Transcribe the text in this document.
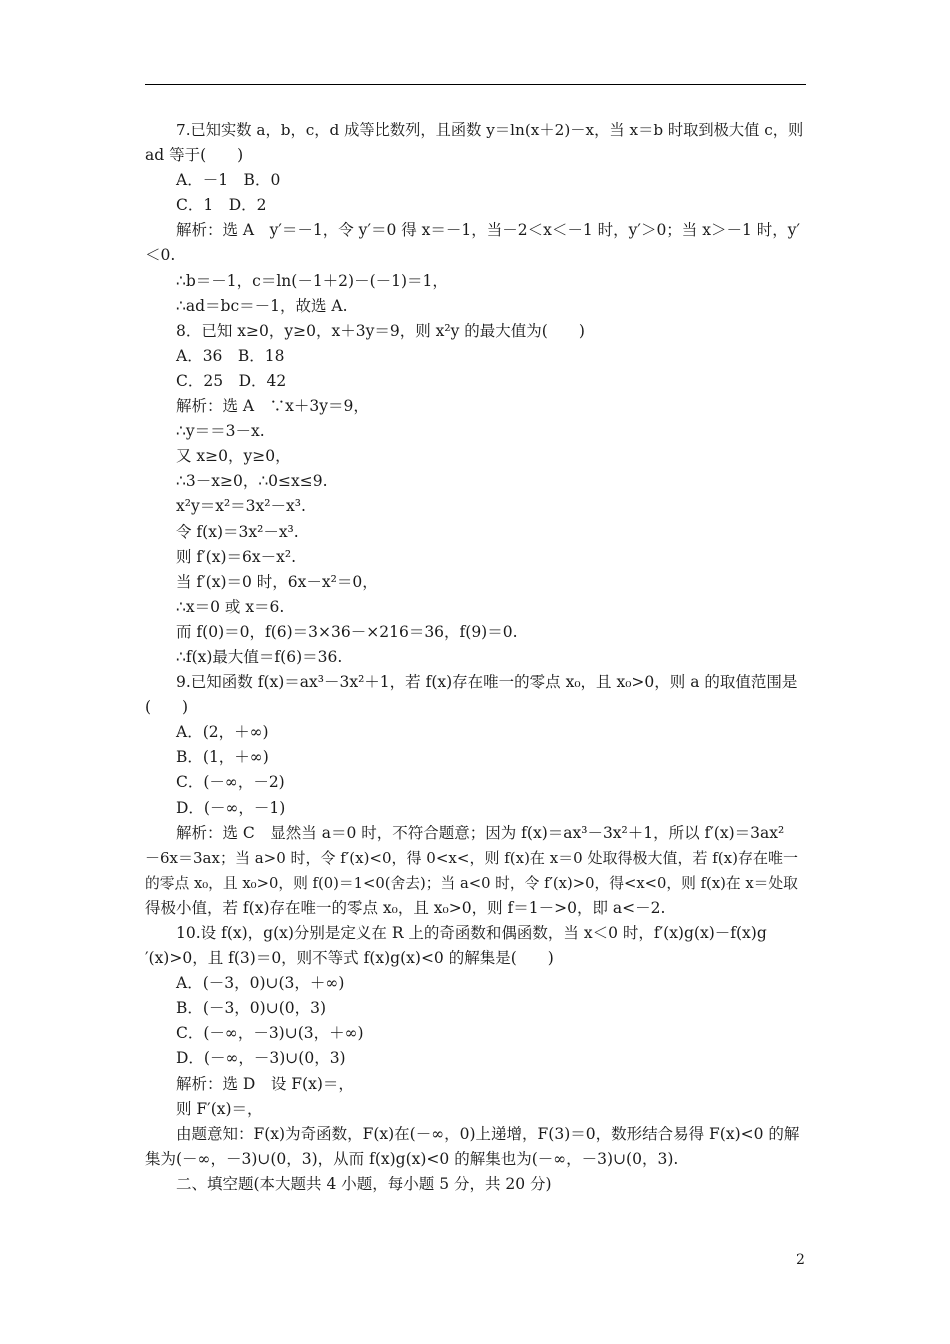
7.已知实数 a，b，c，d 成等比数列，且函数 y＝ln(x＋2)－x，当 x＝b 时取到极大值 c，则
ad 等于(　　)
A．－1　B．0
C．1　D．2
解析：选 A　y′＝－1，令 y′＝0 得 x＝－1，当－2＜x＜－1 时，y′＞0；当 x＞－1 时，y′
＜0.
∴b＝－1，c＝ln(－1＋2)－(－1)＝1，
∴ad＝bc＝－1，故选 A.
8．已知 x≥0，y≥0，x＋3y＝9，则 x²y 的最大值为(　　)
A．36　B．18
C．25　D．42
解析：选 A　∵x＋3y＝9，
∴y＝＝3－x.
又 x≥0，y≥0，
∴3－x≥0，∴0≤x≤9.
x²y＝x²＝3x²－x³.
令 f(x)＝3x²－x³.
则 f′(x)＝6x－x².
当 f′(x)＝0 时，6x－x²＝0，
∴x＝0 或 x＝6.
而 f(0)＝0，f(6)＝3×36－×216＝36，f(9)＝0.
∴f(x)最大值＝f(6)＝36.
9.已知函数 f(x)＝ax³－3x²＋1，若 f(x)存在唯一的零点 x₀，且 x₀>0，则 a 的取值范围是
(　　)
A．(2，＋∞)
B．(1，＋∞)
C．(－∞，－2)
D．(－∞，－1)
解析：选 C　显然当 a＝0 时，不符合题意；因为 f(x)＝ax³－3x²＋1，所以 f′(x)＝3ax²
－6x＝3ax；当 a>0 时，令 f′(x)<0，得 0<x<，则 f(x)在 x＝0 处取得极大值，若 f(x)存在唯一
的零点 x₀，且 x₀>0，则 f(0)＝1<0(舍去)；当 a<0 时，令 f′(x)>0，得<x<0，则 f(x)在 x＝处取
得极小值，若 f(x)存在唯一的零点 x₀，且 x₀>0，则 f＝1－>0，即 a<－2.
10.设 f(x)，g(x)分别是定义在 R 上的奇函数和偶函数，当 x＜0 时，f′(x)g(x)－f(x)g
′(x)>0，且 f(3)＝0，则不等式 f(x)g(x)<0 的解集是(　　)
A．(－3，0)∪(3，＋∞)
B．(－3，0)∪(0，3)
C．(－∞，－3)∪(3，＋∞)
D．(－∞，－3)∪(0，3)
解析：选 D　设 F(x)＝，
则 F′(x)＝，
由题意知：F(x)为奇函数，F(x)在(－∞，0)上递增，F(3)＝0，数形结合易得 F(x)<0 的解
集为(－∞，－3)∪(0，3)，从而 f(x)g(x)<0 的解集也为(－∞，－3)∪(0，3).
二、填空题(本大题共 4 小题，每小题 5 分，共 20 分)
2
